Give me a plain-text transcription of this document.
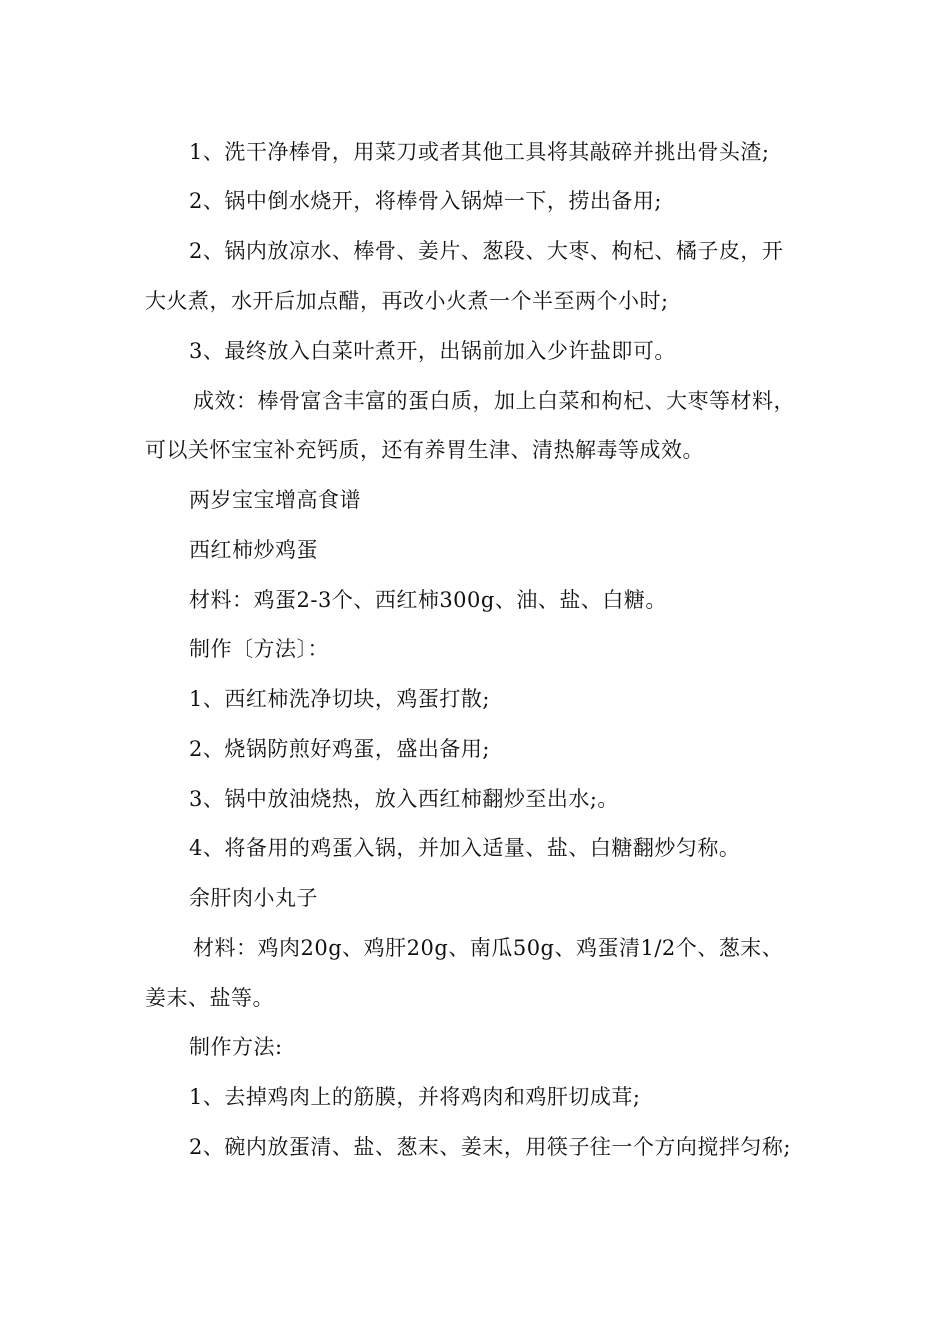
1、洗干净棒骨，用菜刀或者其他工具将其敲碎并挑出骨头渣;
2、锅中倒水烧开，将棒骨入锅焯一下，捞出备用;
2、锅内放凉水、棒骨、姜片、葱段、大枣、枸杞、橘子皮，开
大火煮，水开后加点醋，再改小火煮一个半至两个小时;
3、最终放入白菜叶煮开，出锅前加入少许盐即可。
成效：棒骨富含丰富的蛋白质，加上白菜和枸杞、大枣等材料，
可以关怀宝宝补充钙质，还有养胃生津、清热解毒等成效。
两岁宝宝增高食谱
西红柿炒鸡蛋
材料：鸡蛋2-3个、西红柿300g、油、盐、白糖。
制作〔方法〕：
1、西红柿洗净切块，鸡蛋打散;
2、烧锅防煎好鸡蛋，盛出备用;
3、锅中放油烧热，放入西红柿翻炒至出水;。
4、将备用的鸡蛋入锅，并加入适量、盐、白糖翻炒匀称。
余肝肉小丸子
材料：鸡肉20g、鸡肝20g、南瓜50g、鸡蛋清1/2个、葱末、
姜末、盐等。
制作方法:
1、去掉鸡肉上的筋膜，并将鸡肉和鸡肝切成茸;
2、碗内放蛋清、盐、葱末、姜末，用筷子往一个方向搅拌匀称;
